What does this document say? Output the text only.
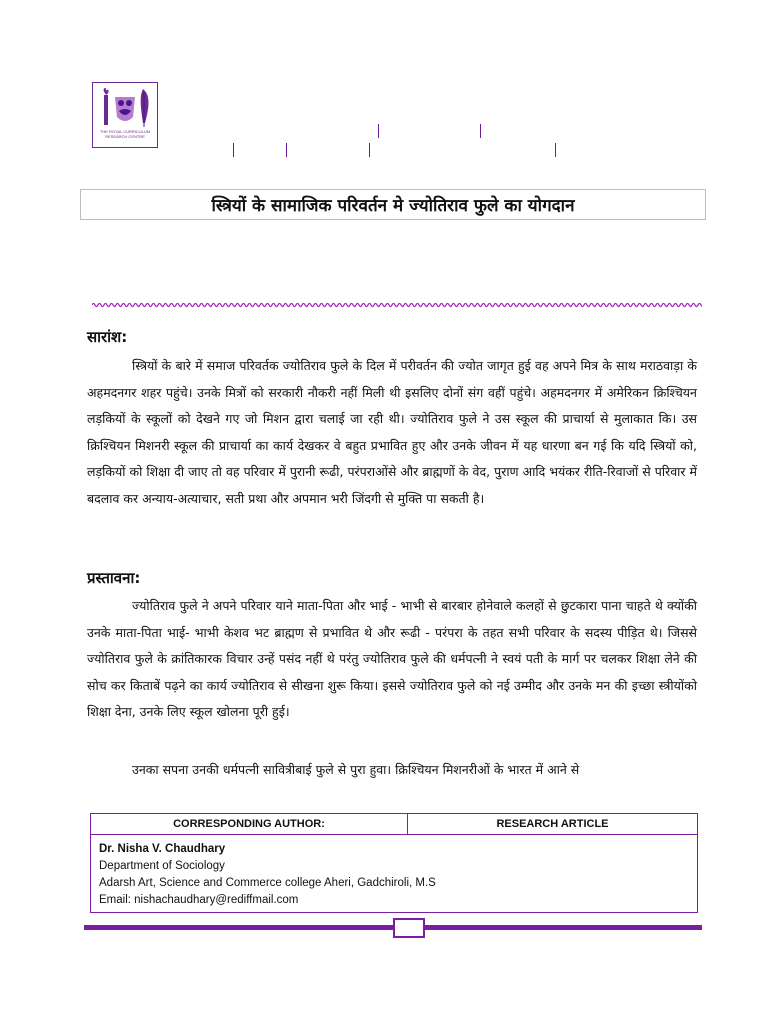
THE ROYAL CURRICULUM RESEARCH CENTRE
स्त्रियों के सामाजिक परिवर्तन मे ज्योतिराव फुले का योगदान
सारांश:

स्त्रियों के बारे में समाज परिवर्तक ज्योतिराव फुले के दिल में परीवर्तन की ज्योत जागृत हुई वह अपने मित्र के साथ मराठवाड़ा के अहमदनगर शहर पहुंचे। उनके मित्रों को सरकारी नौकरी नहीं मिली थी इसलिए दोनों संग वहीं पहुंचे। अहमदनगर में अमेरिकन क्रिश्चियन लड़कियों के स्कूलों को देखने गए जो मिशन द्वारा चलाई जा रही थी। ज्योतिराव फुले ने उस स्कूल की प्राचार्या से मुलाकात कि। उस क्रिश्चियन मिशनरी स्कूल की प्राचार्या का कार्य देखकर वे बहुत प्रभावित हुए और उनके जीवन में यह धारणा बन गई कि यदि स्त्रियों को, लड़कियों को शिक्षा दी जाए तो वह परिवार में पुरानी रूढी, परंपराओंसे और ब्राह्मणों के वेद, पुराण आदि भयंकर रीति-रिवाजों से परिवार में बदलाव कर अन्याय-अत्याचार, सती प्रथा और अपमान भरी जिंदगी से मुक्ति पा सकती है।

प्रस्तावना:

ज्योतिराव फुले ने अपने परिवार याने माता-पिता और भाई - भाभी से बारबार होनेवाले कलहों से छुटकारा पाना चाहते थे क्योंकी उनके माता-पिता भाई- भाभी केशव भट ब्राह्मण से प्रभावित थे और रूढी - परंपरा के तहत सभी परिवार के सदस्य पीड़ित थे। जिससे ज्योतिराव फुले के क्रांतिकारक विचार उन्हें पसंद नहीं थे परंतु ज्योतिराव फुले की धर्मपत्नी ने स्वयं पती के मार्ग पर चलकर शिक्षा लेने की सोच कर किताबें पढ़ने का कार्य ज्योतिराव से सीखना शुरू किया। इससे ज्योतिराव फुले को नई उम्मीद और उनके मन की इच्छा स्त्रीयोंको शिक्षा देना, उनके लिए स्कूल खोलना पूरी हुई।

उनका सपना उनकी धर्मपत्नी सावित्रीबाई फुले से पुरा हुवा। क्रिश्चियन मिशनरीओं के भारत में आने से

CORRESPONDING AUTHOR:	RESEARCH ARTICLE
Dr. Nisha V. Chaudhary
Department of Sociology
Adarsh Art, Science and Commerce college Aheri, Gadchiroli, M.S
Email: nishachaudhary@rediffmail.com
